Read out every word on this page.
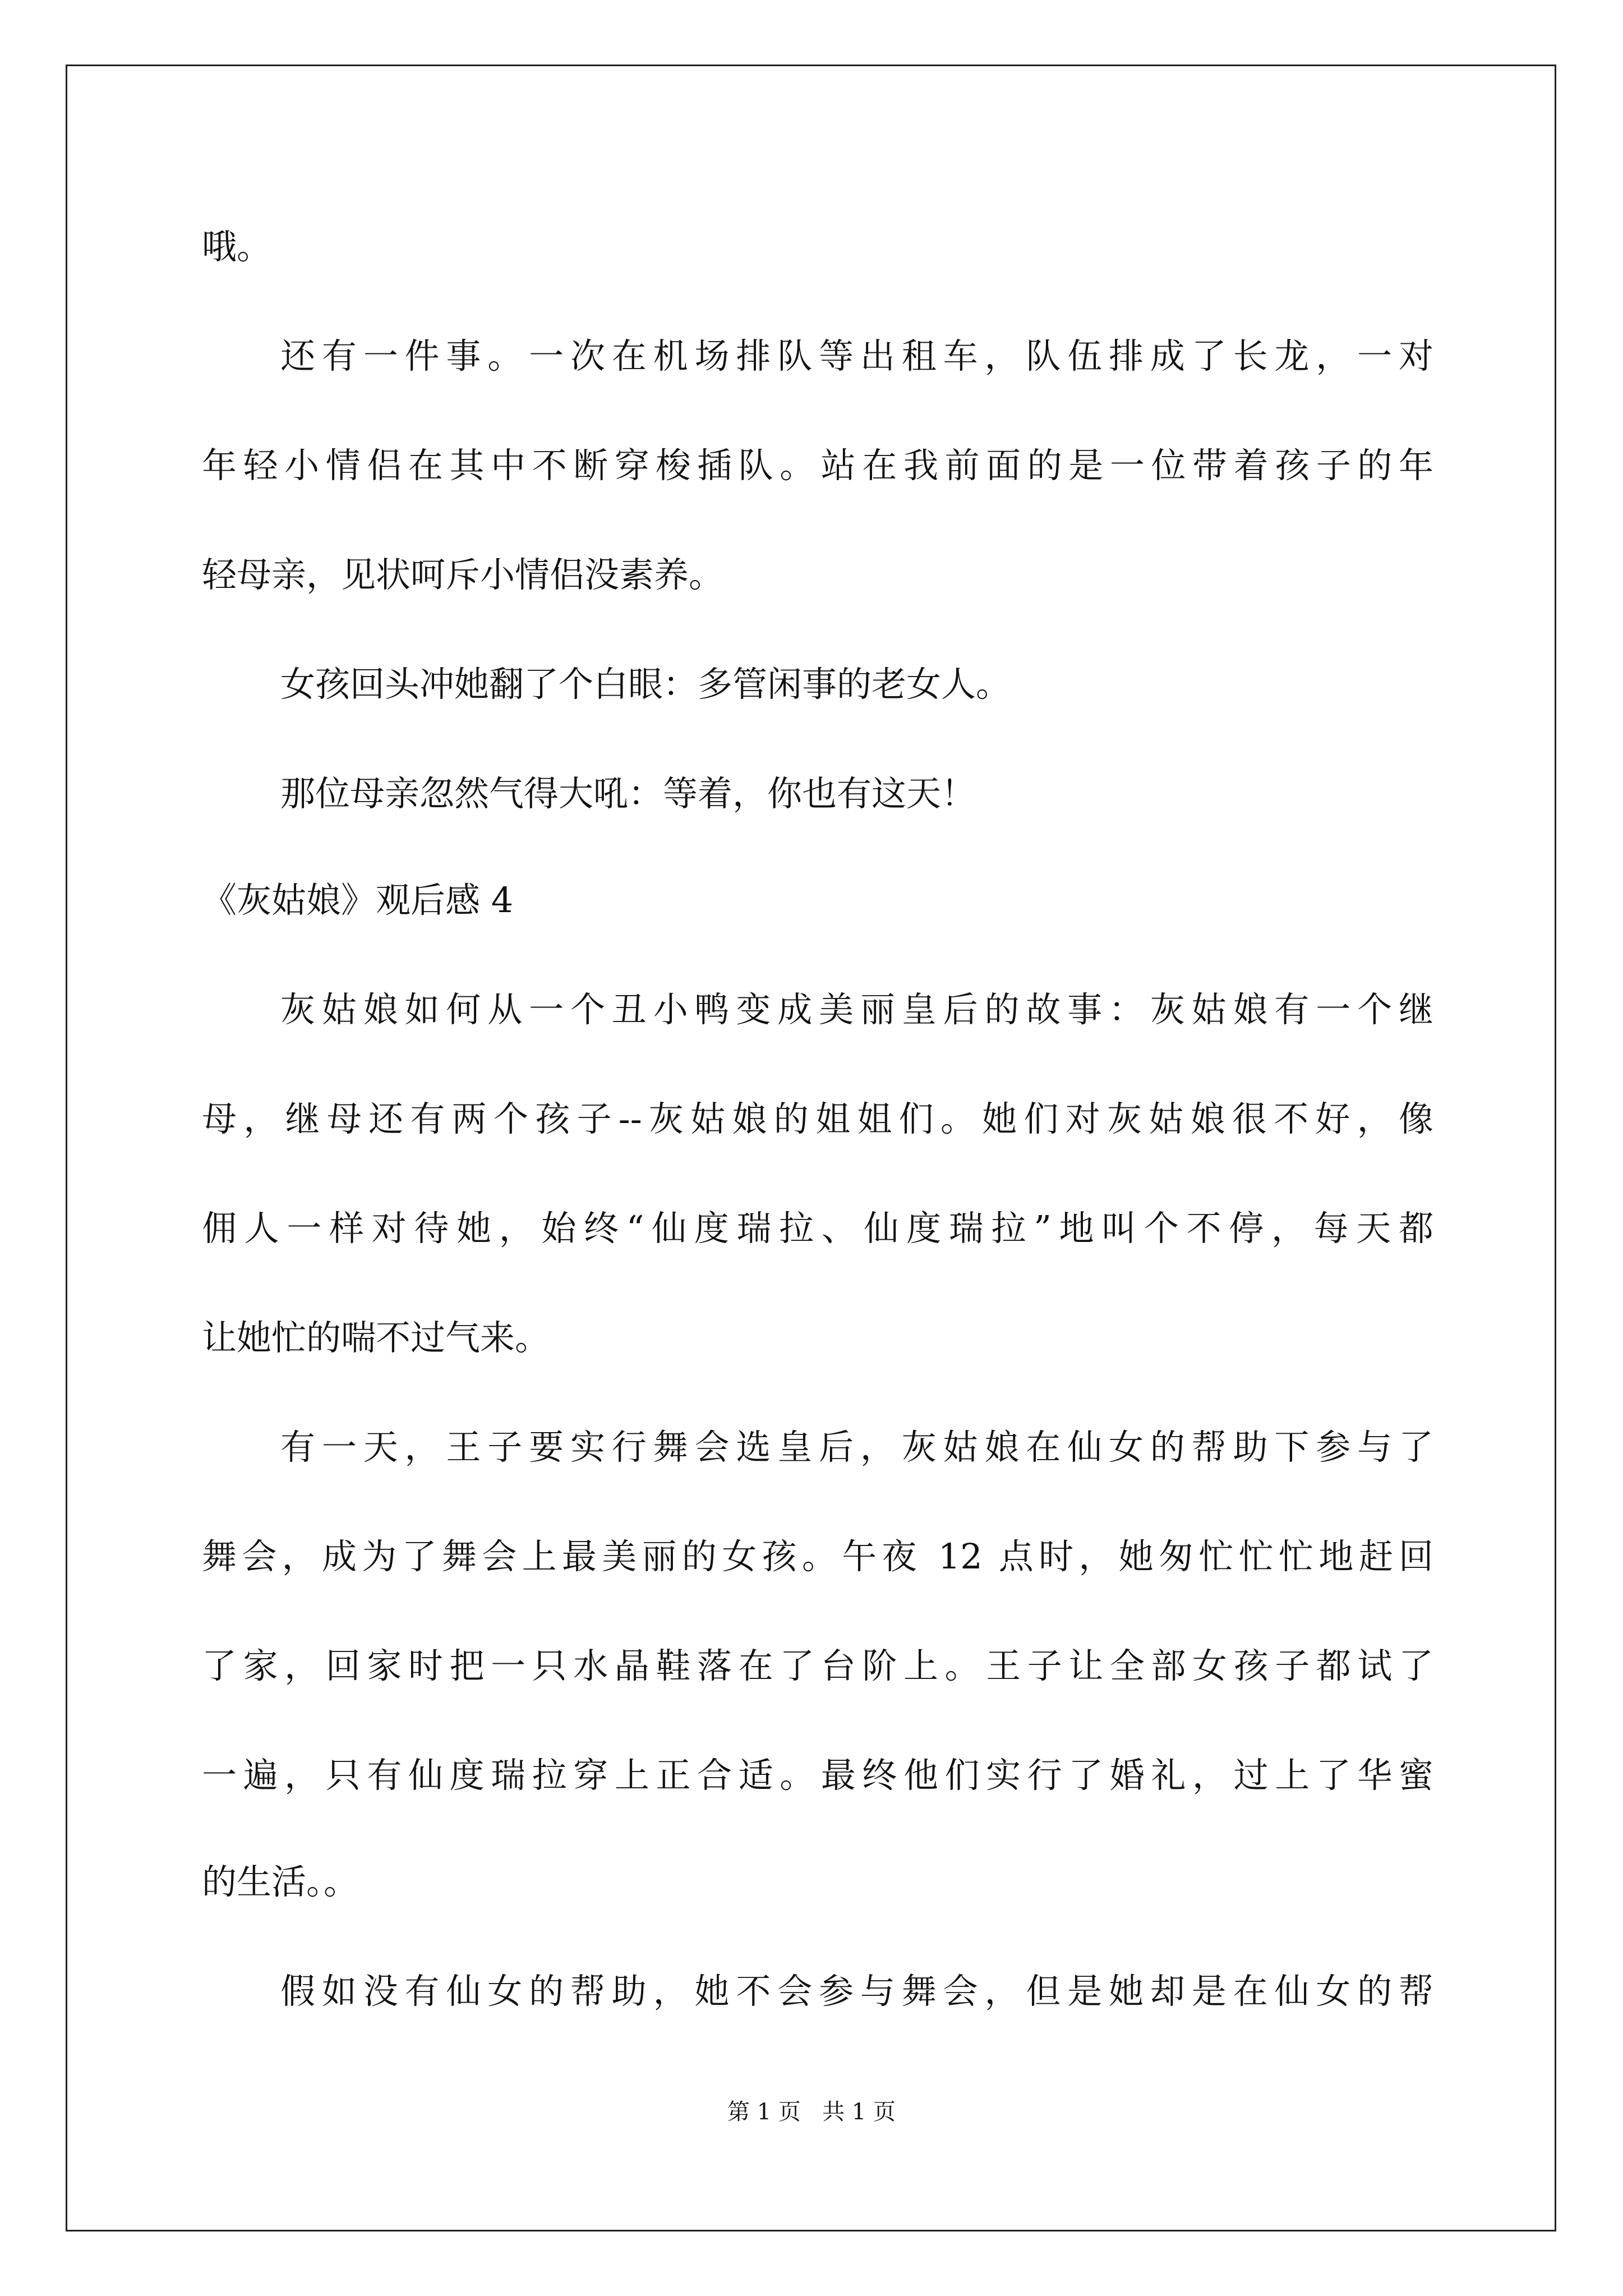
哦。
还有一件事。一次在机场排队等出租车，队伍排成了长龙，一对
年轻小情侣在其中不断穿梭插队。站在我前面的是一位带着孩子的年
轻母亲，见状呵斥小情侣没素养。
女孩回头冲她翻了个白眼：多管闲事的老女人。
那位母亲忽然气得大吼：等着，你也有这天！
《灰姑娘》观后感 4
灰姑娘如何从一个丑小鸭变成美丽皇后的故事：灰姑娘有一个继
母，继母还有两个孩子--灰姑娘的姐姐们。她们对灰姑娘很不好，像
佣人一样对待她，始终“仙度瑞拉、仙度瑞拉”地叫个不停，每天都
让她忙的喘不过气来。
有一天，王子要实行舞会选皇后，灰姑娘在仙女的帮助下参与了
舞会，成为了舞会上最美丽的女孩。午夜 12 点时，她匆忙忙忙地赶回
了家，回家时把一只水晶鞋落在了台阶上。王子让全部女孩子都试了
一遍，只有仙度瑞拉穿上正合适。最终他们实行了婚礼，过上了华蜜
的生活。。
假如没有仙女的帮助，她不会参与舞会，但是她却是在仙女的帮
第 1 页   共 1 页
